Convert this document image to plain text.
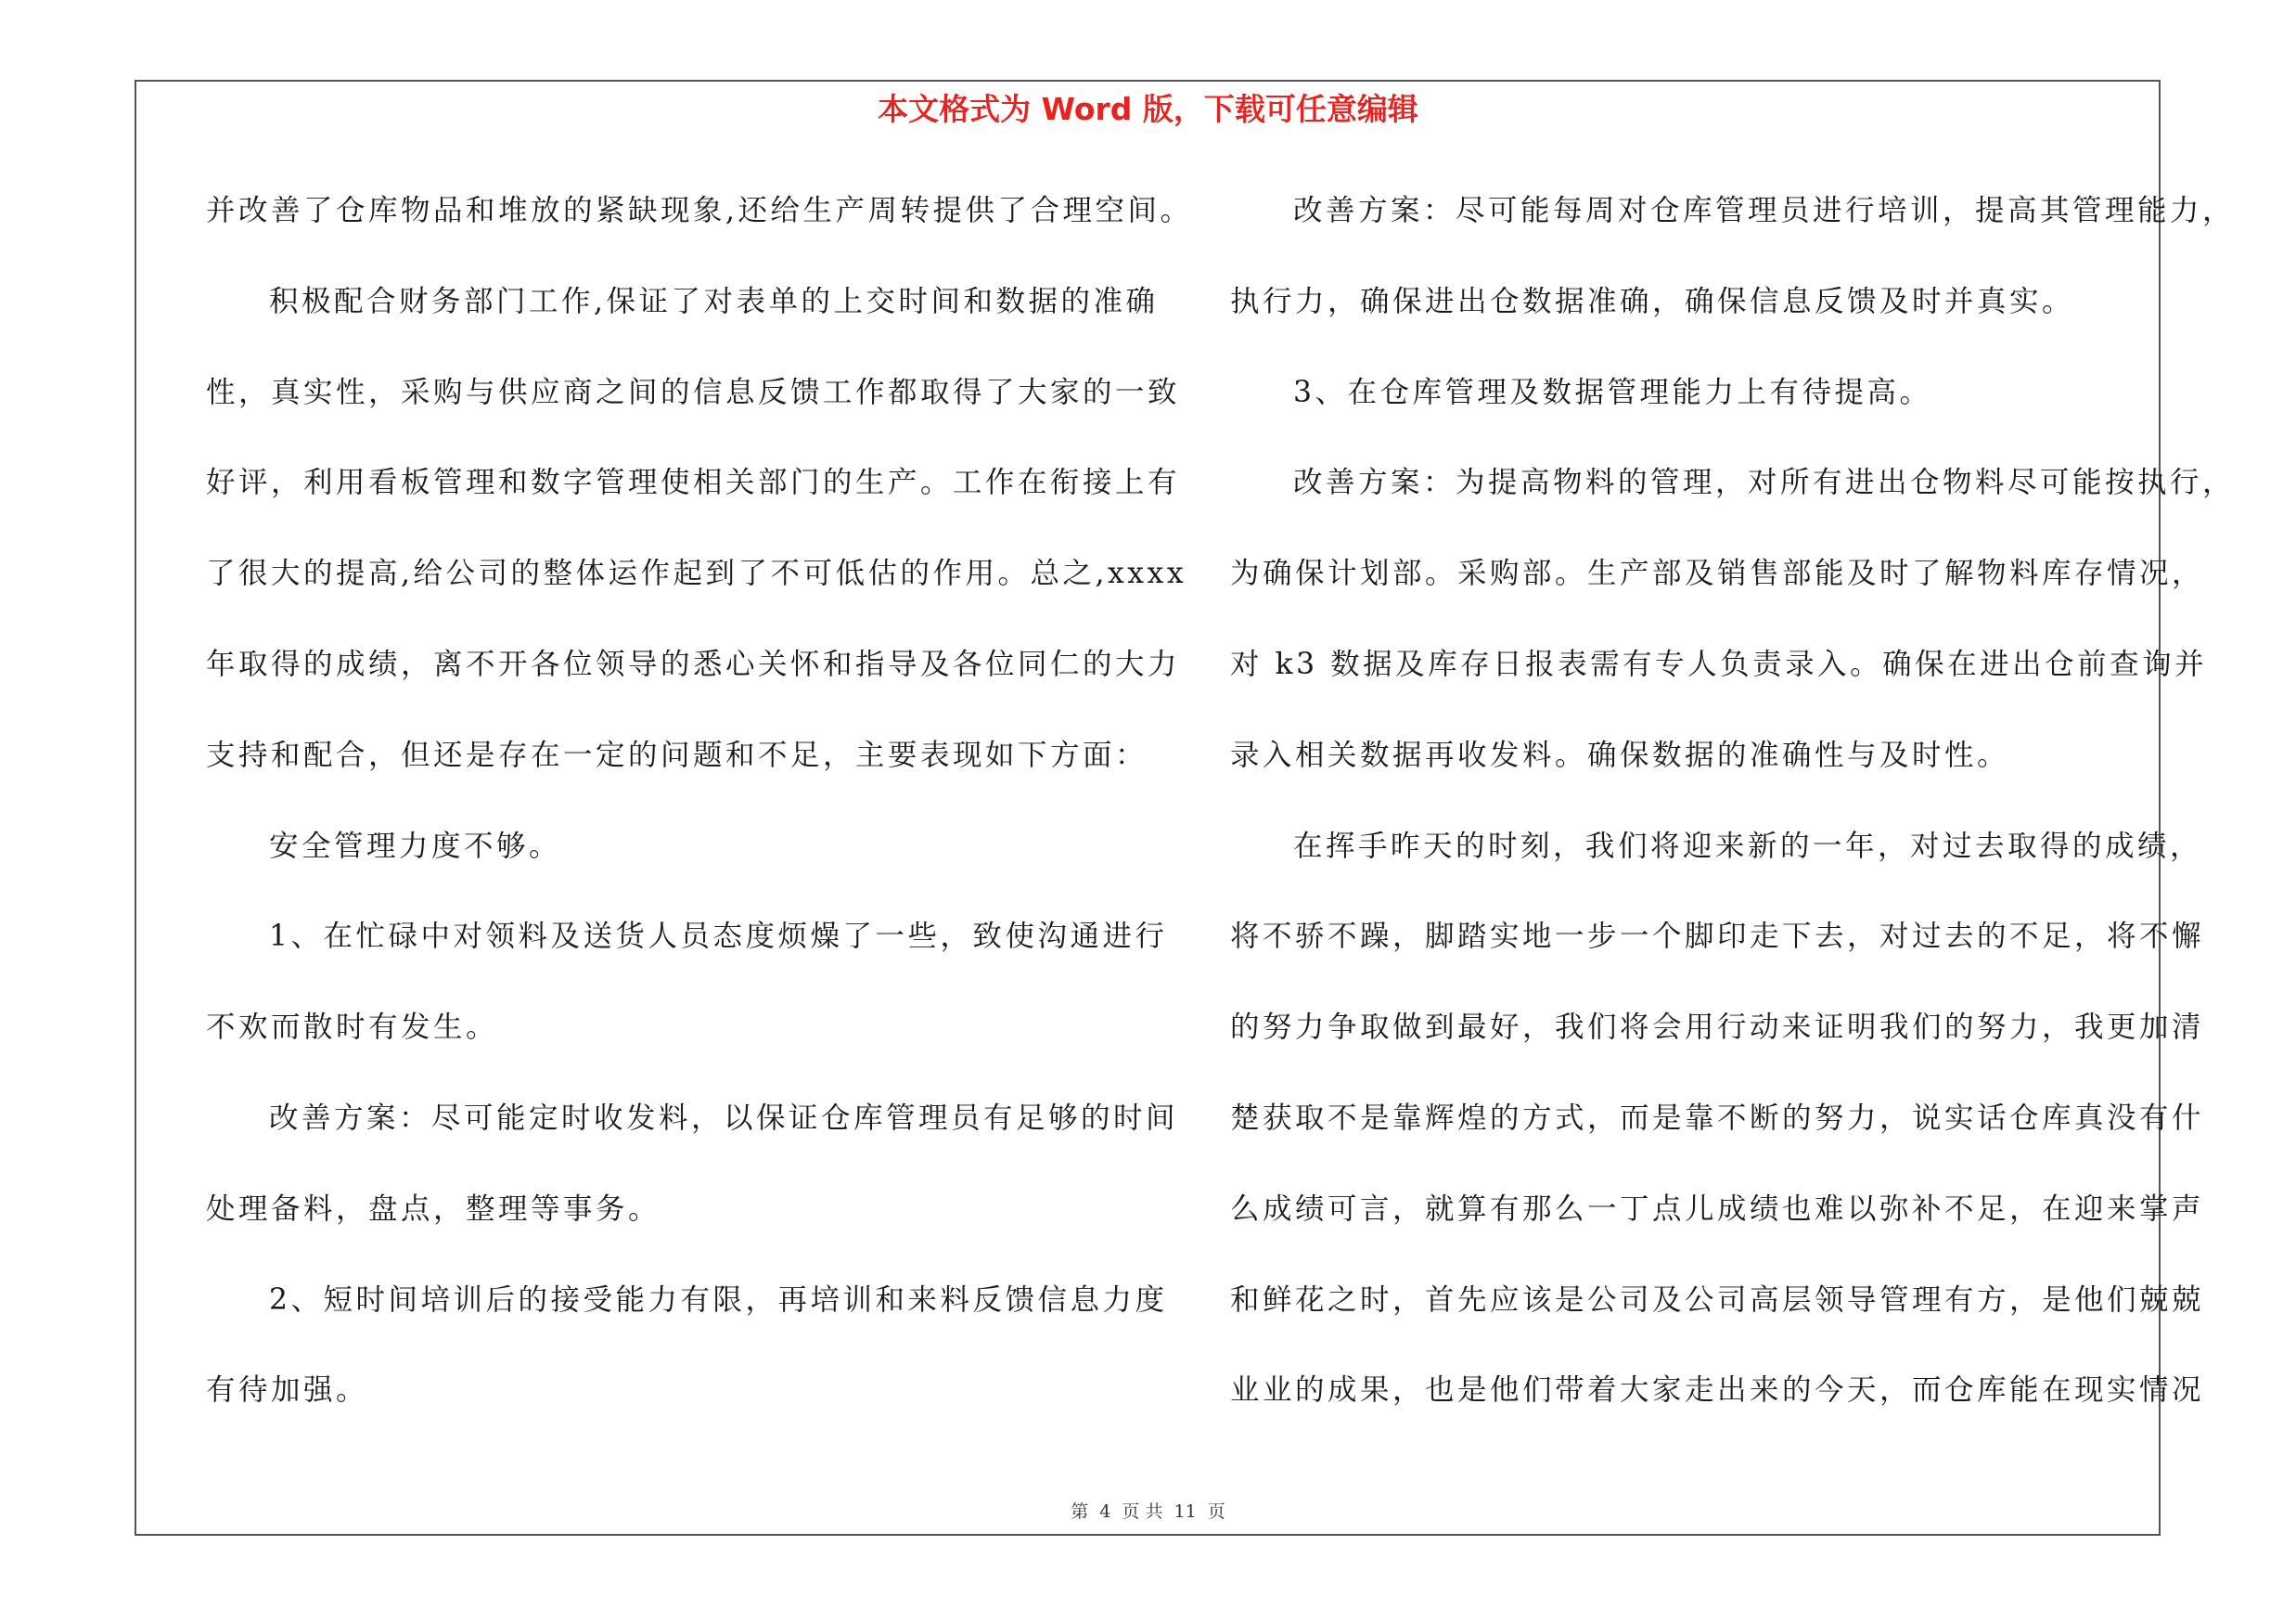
本文格式为 Word 版，下载可任意编辑
并改善了仓库物品和堆放的紧缺现象,还给生产周转提供了合理空间。
积极配合财务部门工作,保证了对表单的上交时间和数据的准确
性，真实性，采购与供应商之间的信息反馈工作都取得了大家的一致
好评，利用看板管理和数字管理使相关部门的生产。工作在衔接上有
了很大的提高,给公司的整体运作起到了不可低估的作用。总之,xxxx
年取得的成绩，离不开各位领导的悉心关怀和指导及各位同仁的大力
支持和配合，但还是存在一定的问题和不足，主要表现如下方面：
安全管理力度不够。
1、在忙碌中对领料及送货人员态度烦燥了一些，致使沟通进行
不欢而散时有发生。
改善方案：尽可能定时收发料，以保证仓库管理员有足够的时间
处理备料，盘点，整理等事务。
2、短时间培训后的接受能力有限，再培训和来料反馈信息力度
有待加强。
改善方案：尽可能每周对仓库管理员进行培训，提高其管理能力，
执行力，确保进出仓数据准确，确保信息反馈及时并真实。
3、在仓库管理及数据管理能力上有待提高。
改善方案：为提高物料的管理，对所有进出仓物料尽可能按执行，
为确保计划部。采购部。生产部及销售部能及时了解物料库存情况，
对 k3 数据及库存日报表需有专人负责录入。确保在进出仓前查询并
录入相关数据再收发料。确保数据的准确性与及时性。
在挥手昨天的时刻，我们将迎来新的一年，对过去取得的成绩，
将不骄不躁，脚踏实地一步一个脚印走下去，对过去的不足，将不懈
的努力争取做到最好，我们将会用行动来证明我们的努力，我更加清
楚获取不是靠辉煌的方式，而是靠不断的努力，说实话仓库真没有什
么成绩可言，就算有那么一丁点儿成绩也难以弥补不足，在迎来掌声
和鲜花之时，首先应该是公司及公司高层领导管理有方，是他们兢兢
业业的成果，也是他们带着大家走出来的今天，而仓库能在现实情况
第 4 页 共 11 页
